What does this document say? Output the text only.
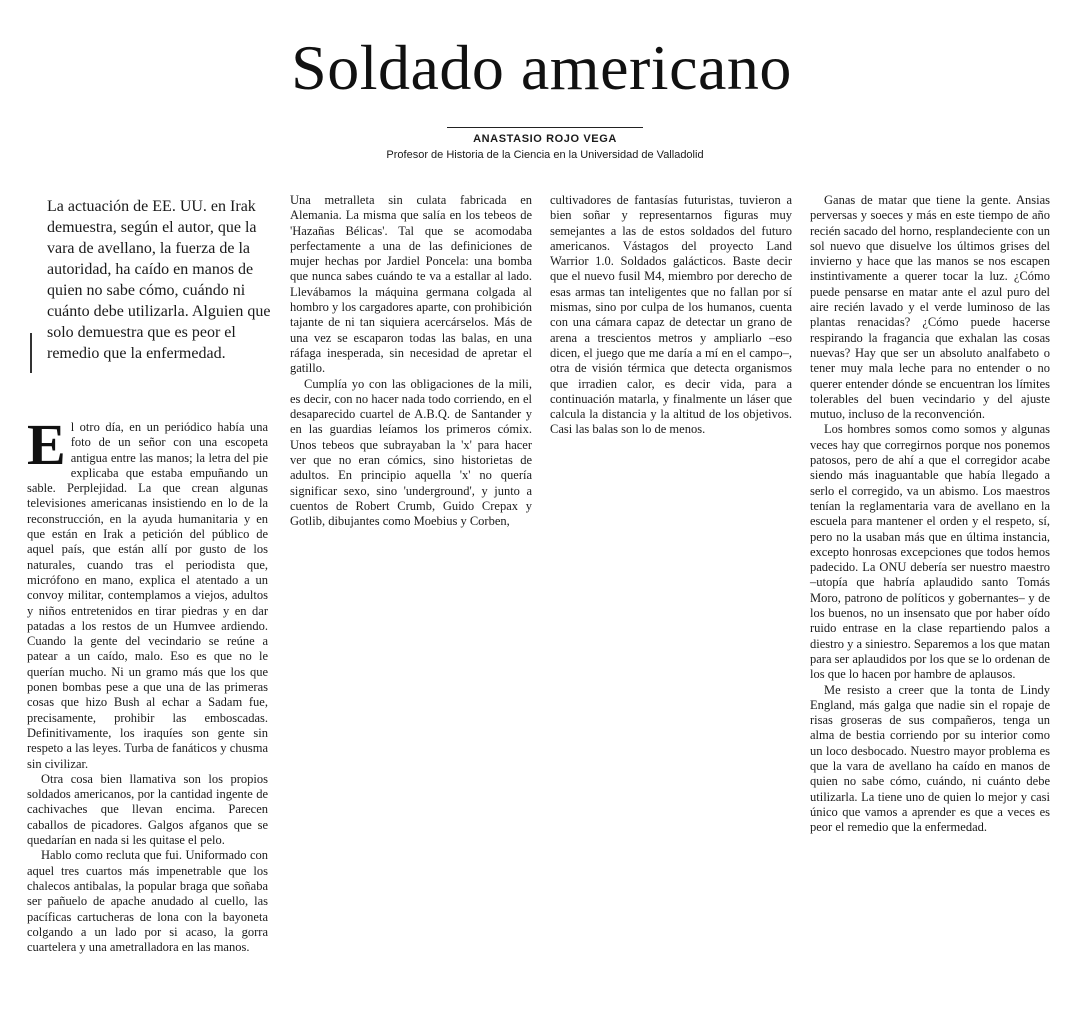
Soldado americano
ANASTASIO ROJO VEGA
Profesor de Historia de la Ciencia en la Universidad de Valladolid
La actuación de EE. UU. en Irak demuestra, según el autor, que la vara de avellano, la fuerza de la autoridad, ha caído en manos de quien no sabe cómo, cuándo ni cuánto debe utilizarla. Alguien que solo demuestra que es peor el remedio que la enfermedad.

El otro día, en un periódico había una foto de un señor con una escopeta antigua entre las manos; la letra del pie explicaba que estaba empuñando un sable. Perplejidad. La que crean algunas televisiones americanas insistiendo en lo de la reconstrucción, en la ayuda humanitaria y en que están en Irak a petición del público de aquel país, que están allí por gusto de los naturales, cuando tras el periodista que, micrófono en mano, explica el atentado a un convoy militar, contemplamos a viejos, adultos y niños entretenidos en tirar piedras y en dar patadas a los restos de un Humvee ardiendo. Cuando la gente del vecindario se reúne a patear a un caído, malo. Eso es que no le querían mucho. Ni un gramo más que los que ponen bombas pese a que una de las primeras cosas que hizo Bush al echar a Sadam fue, precisamente, prohibir las emboscadas. Definitivamente, los iraquíes son gente sin respeto a las leyes. Turba de fanáticos y chusma sin civilizar.

Otra cosa bien llamativa son los propios soldados americanos, por la cantidad ingente de cachivaches que llevan encima. Parecen caballos de picadores. Galgos afganos que se quedarían en nada si les quitase el pelo.

Hablo como recluta que fui. Uniformado con aquel tres cuartos más impenetrable que los chalecos antibalas, la popular braga que soñaba ser pañuelo de apache anudado al cuello, las pacíficas cartucheras de lona con la bayoneta colgando a un lado por si acaso, la gorra cuartelera y una ametralladora en las manos.

Una metralleta sin culata fabricada en Alemania. La misma que salía en los tebeos de 'Hazañas Bélicas'. Tal que se acomodaba perfectamente a una de las definiciones de mujer hechas por Jardiel Poncela: una bomba que nunca sabes cuándo te va a estallar al lado. Llevábamos la máquina germana colgada al hombro y los cargadores aparte, con prohibición tajante de ni tan siquiera acercárselos. Más de una vez se escaparon todas las balas, en una ráfaga inesperada, sin necesidad de apretar el gatillo.

Cumplía yo con las obligaciones de la mili, es decir, con no hacer nada todo corriendo, en el desaparecido cuartel de A.B.Q. de Santander y en las guardias leíamos los primeros cómix. Unos tebeos que subrayaban la 'x' para hacer ver que no eran cómics, sino historietas de adultos. En principio aquella 'x' no quería significar sexo, sino 'underground', y junto a cuentos de Robert Crumb, Guido Crepax y Gotlib, dibujantes como Moebius y Corben,

cultivadores de fantasías futuristas, tuvieron a bien soñar y representarnos figuras muy semejantes a las de estos soldados del futuro americanos. Vástagos del proyecto Land Warrior 1.0. Soldados galácticos. Baste decir que el nuevo fusil M4, miembro por derecho de esas armas tan inteligentes que no fallan por sí mismas, sino por culpa de los humanos, cuenta con una cámara capaz de detectar un grano de arena a trescientos metros y ampliarlo –eso dicen, el juego que me daría a mí en el campo–, otra de visión térmica que detecta organismos que irradien calor, es decir vida, para a continuación matarla, y finalmente un láser que calcula la distancia y la altitud de los objetivos. Casi las balas son lo de menos.

Ganas de matar que tiene la gente. Ansias perversas y soeces y más en este tiempo de año recién sacado del horno, resplandeciente con un sol nuevo que disuelve los últimos grises del invierno y hace que las manos se nos escapen instintivamente a querer tocar la luz. ¿Cómo puede pensarse en matar ante el azul puro del aire recién lavado y el verde luminoso de las plantas renacidas? ¿Cómo puede hacerse respirando la fragancia que exhalan las cosas nuevas? Hay que ser un absoluto analfabeto o tener muy mala leche para no entender o no querer entender dónde se encuentran los límites tolerables del buen vecindario y del ajuste mutuo, incluso de la reconvención.

Los hombres somos como somos y algunas veces hay que corregirnos porque nos ponemos patosos, pero de ahí a que el corregidor acabe siendo más inaguantable que había llegado a serlo el corregido, va un abismo. Los maestros tenían la reglamentaria vara de avellano en la escuela para mantener el orden y el respeto, sí, pero no la usaban más que en última instancia, excepto honrosas excepciones que todos hemos padecido. La ONU debería ser nuestro maestro –utopía que habría aplaudido santo Tomás Moro, patrono de políticos y gobernantes– y de los buenos, no un insensato que por haber oído ruido entrase en la clase repartiendo palos a diestro y a siniestro. Separemos a los que matan para ser aplaudidos por los que se lo ordenan de los que lo hacen por hambre de aplausos.

Me resisto a creer que la tonta de Lindy England, más galga que nadie sin el ropaje de risas groseras de sus compañeros, tenga un alma de bestia corriendo por su interior como un loco desbocado. Nuestro mayor problema es que la vara de avellano ha caído en manos de quien no sabe cómo, cuándo, ni cuánto debe utilizarla. La tiene uno de quien lo mejor y casi único que vamos a aprender es que a veces es peor el remedio que la enfermedad.
